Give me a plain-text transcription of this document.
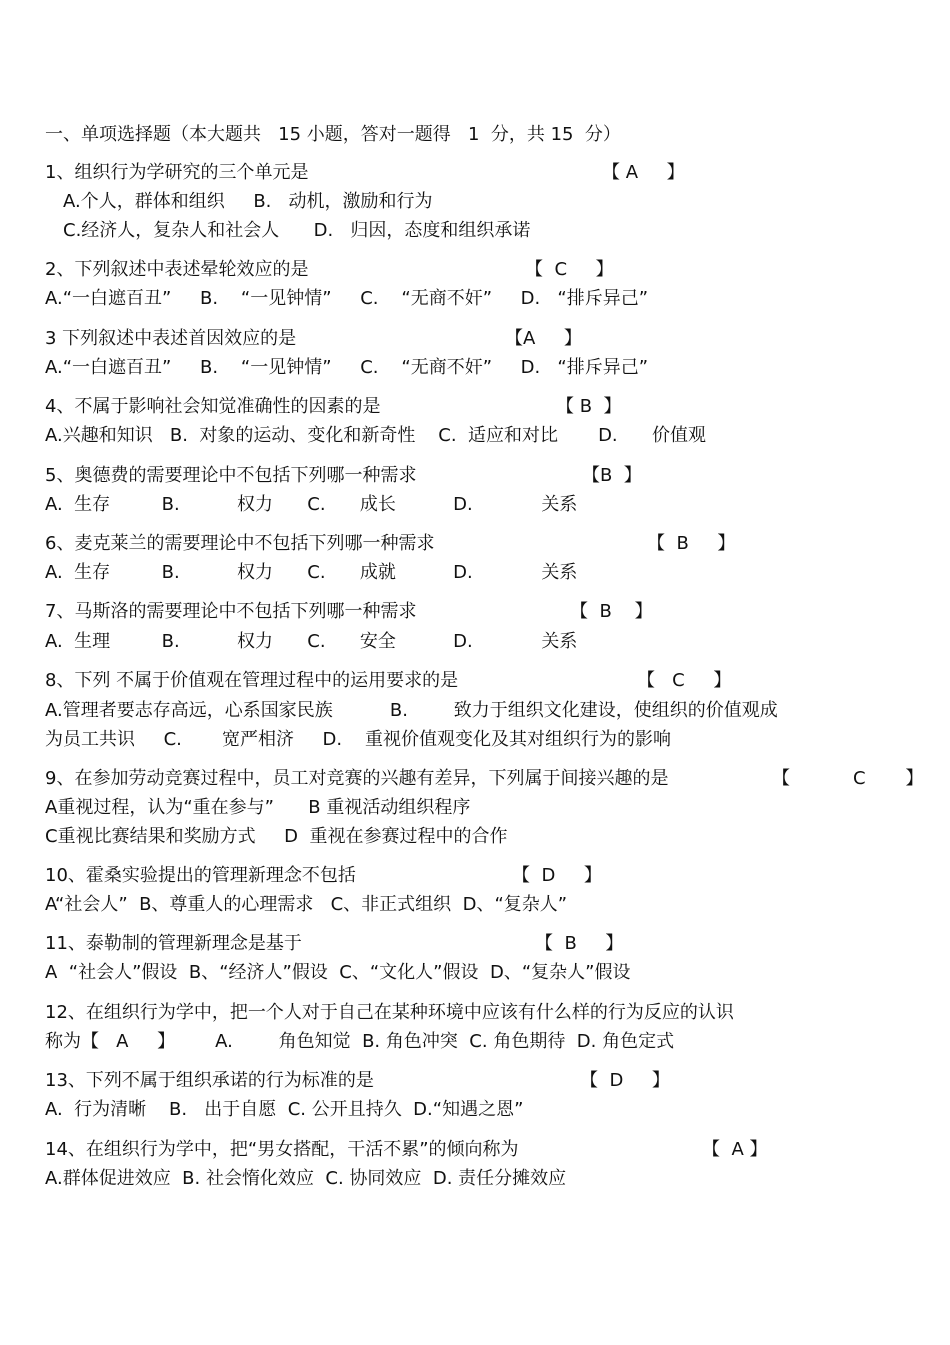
一、单项选择题（本大题共   15 小题，答对一题得   1  分，共 15  分）
1、组织行为学研究的三个单元是	【 A     】
A.个人，群体和组织     B.   动机，激励和行为
C.经济人，复杂人和社会人      D.   归因，态度和组织承诺
2、下列叙述中表述晕轮效应的是	【  C     】
A.“一白遮百丑”     B.    “一见钟情”     C.    “无商不奸”     D.   “排斥异己”
3 下列叙述中表述首因效应的是	【A     】
A.“一白遮百丑”     B.    “一见钟情”     C.    “无商不奸”     D.   “排斥异己”
4、不属于影响社会知觉准确性的因素的是	【 B  】
A.兴趣和知识   B.  对象的运动、变化和新奇性    C.  适应和对比       D.      价值观
5、奥德费的需要理论中不包括下列哪一种需求	【B  】
A.  生存         B.          权力      C.      成长          D.            关系
6、麦克莱兰的需要理论中不包括下列哪一种需求	【  B     】
A.  生存         B.          权力      C.      成就          D.            关系
7、马斯洛的需要理论中不包括下列哪一种需求	【  B    】
A.  生理         B.          权力      C.      安全          D.            关系
8、下列 不属于价值观在管理过程中的运用要求的是	【   C     】
A.管理者要志存高远，心系国家民族          B.        致力于组织文化建设，使组织的价值观成
为员工共识     C.       宽严相济     D.    重视价值观变化及其对组织行为的影响
9、在参加劳动竞赛过程中，员工对竞赛的兴趣有差异，下列属于间接兴趣的是	【           C       】
A重视过程，认为“重在参与”      B 重视活动组织程序
C重视比赛结果和奖励方式     D  重视在参赛过程中的合作
10、霍桑实验提出的管理新理念不包括	【  D     】
A“社会人”  B、尊重人的心理需求   C、非正式组织  D、“复杂人”
11、泰勒制的管理新理念是基于	【  B     】
A  “社会人”假设  B、“经济人”假设  C、“文化人”假设  D、“复杂人”假设
12、在组织行为学中，把一个人对于自己在某种环境中应该有什么样的行为反应的认识
称为【   A     】       A.        角色知觉  B. 角色冲突  C. 角色期待  D. 角色定式
13、下列不属于组织承诺的行为标准的是	【  D     】
A.  行为清晰    B.   出于自愿  C. 公开且持久  D.“知遇之恩”
14、在组织行为学中，把“男女搭配，干活不累”的倾向称为	【  A 】
A.群体促进效应  B. 社会惰化效应  C. 协同效应  D. 责任分摊效应
